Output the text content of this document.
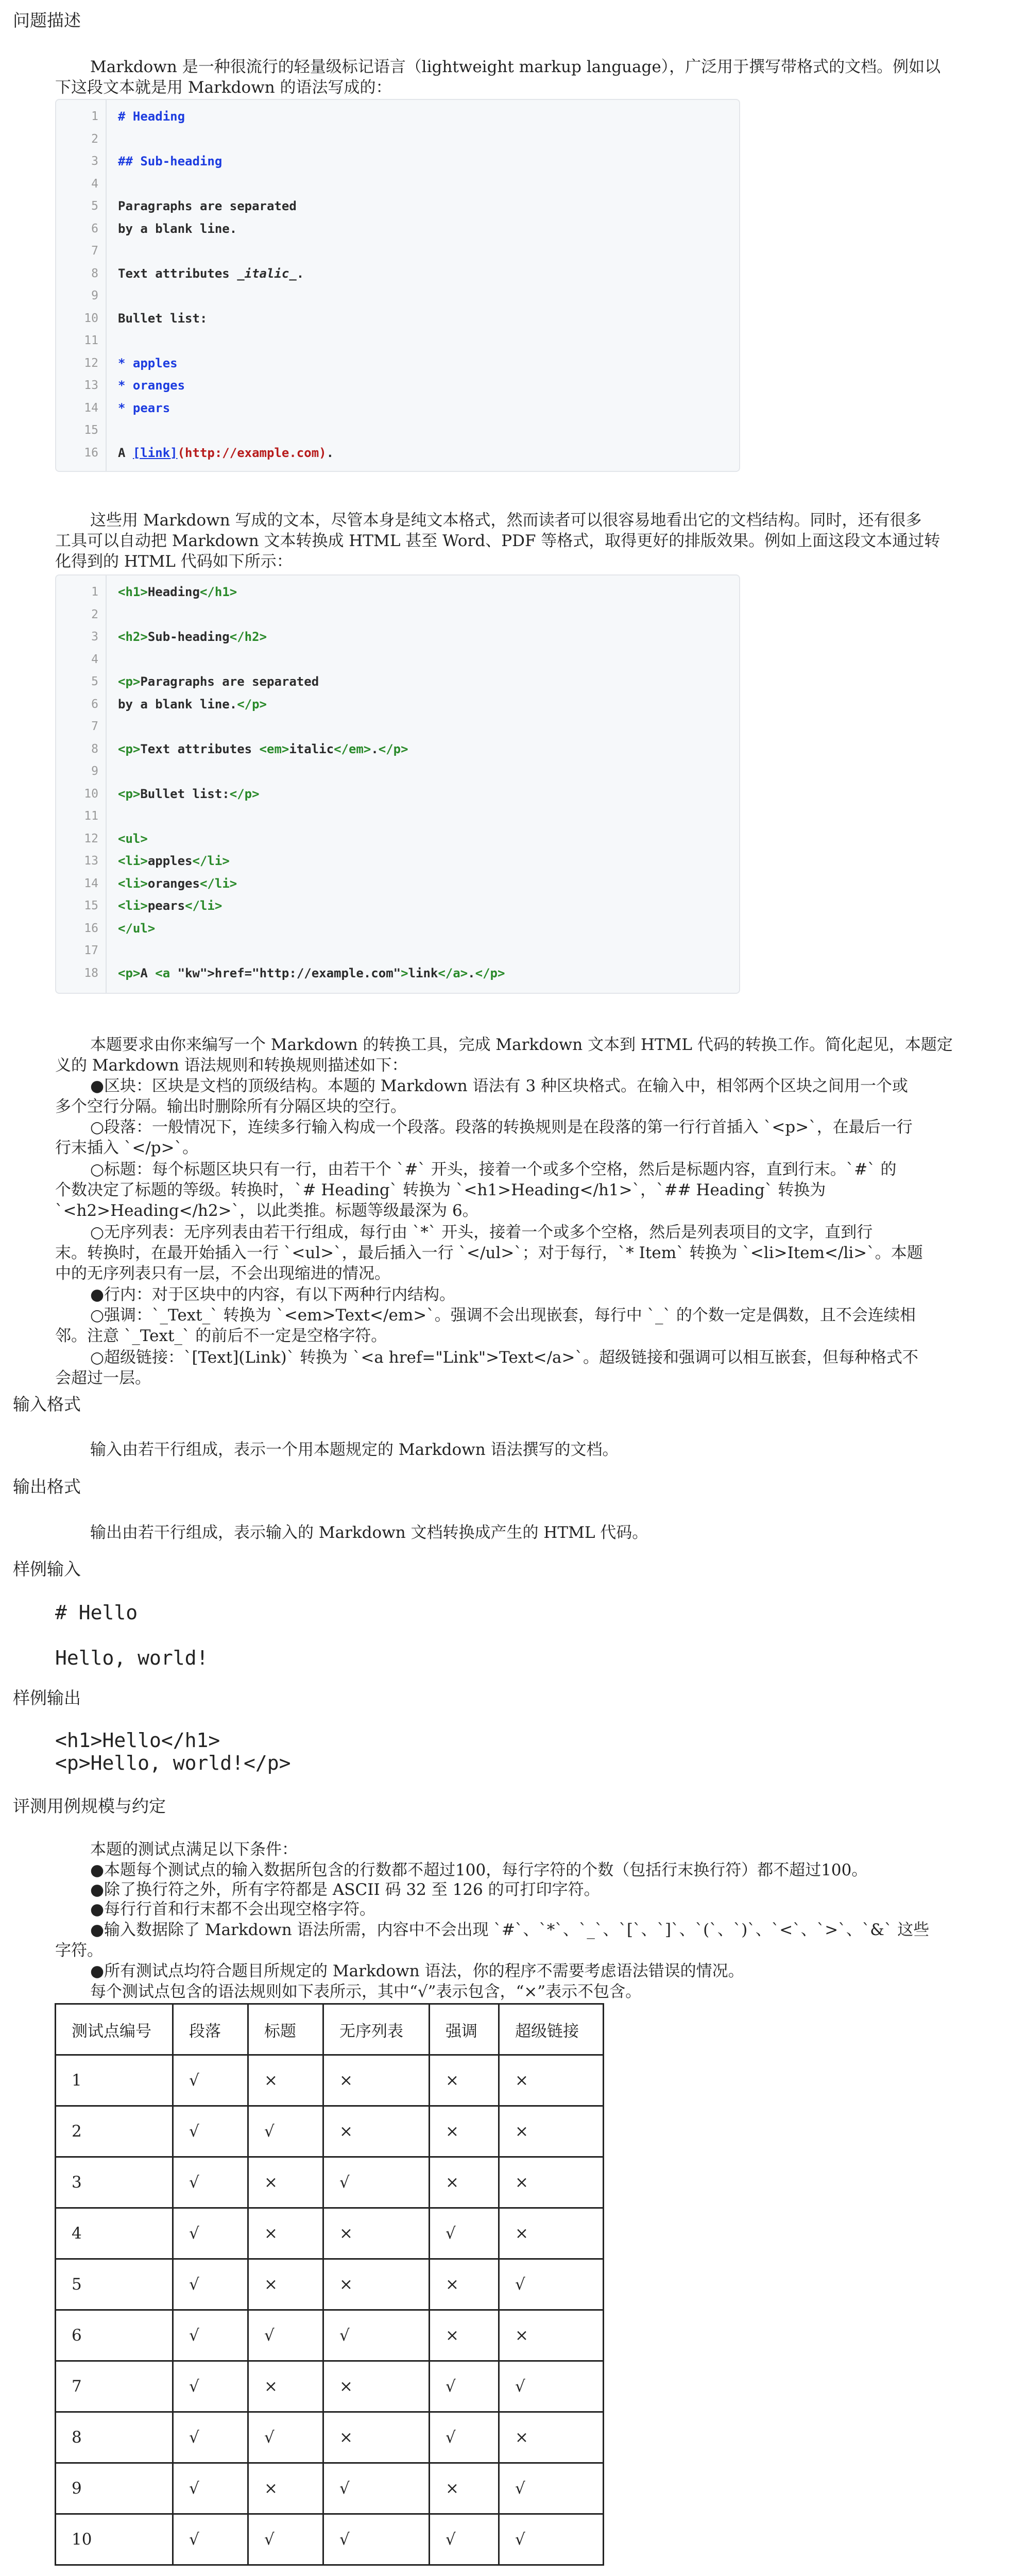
问题描述
Markdown 是一种很流行的轻量级标记语言（lightweight markup language），广泛用于撰写带格式的文档。例如以
下这段文本就是用 Markdown 的语法写成的：
1 # Heading
2
3 ## Sub-heading
4
5 Paragraphs are separated
6 by a blank line.
7
8 Text attributes _italic_.
9
10 Bullet list:
11
12 * apples
13 * oranges
14 * pears
15
16 A [link](http://example.com).
这些用 Markdown 写成的文本，尽管本身是纯文本格式，然而读者可以很容易地看出它的文档结构。同时，还有很多
工具可以自动把 Markdown 文本转换成 HTML 甚至 Word、PDF 等格式，取得更好的排版效果。例如上面这段文本通过转
化得到的 HTML 代码如下所示：
1 <h1>Heading</h1>
2
3 <h2>Sub-heading</h2>
4
5 <p>Paragraphs are separated
6 by a blank line.</p>
7
8 <p>Text attributes <em>italic</em>.</p>
9
10 <p>Bullet list:</p>
11
12 <ul>
13 <li>apples</li>
14 <li>oranges</li>
15 <li>pears</li>
16 </ul>
17
18 <p>A <a "kw">href="http://example.com">link</a>.</p>
本题要求由你来编写一个 Markdown 的转换工具，完成 Markdown 文本到 HTML 代码的转换工作。简化起见，本题定
义的 Markdown 语法规则和转换规则描述如下：
●区块：区块是文档的顶级结构。本题的 Markdown 语法有 3 种区块格式。在输入中，相邻两个区块之间用一个或
多个空行分隔。输出时删除所有分隔区块的空行。
○段落：一般情况下，连续多行输入构成一个段落。段落的转换规则是在段落的第一行行首插入 `<p>`，在最后一行
行末插入 `</p>`。
○标题：每个标题区块只有一行，由若干个 `#` 开头，接着一个或多个空格，然后是标题内容，直到行末。`#` 的
个数决定了标题的等级。转换时，`# Heading` 转换为 `<h1>Heading</h1>`，`## Heading` 转换为
`<h2>Heading</h2>`，以此类推。标题等级最深为 6。
○无序列表：无序列表由若干行组成，每行由 `*` 开头，接着一个或多个空格，然后是列表项目的文字，直到行
末。转换时，在最开始插入一行 `<ul>`，最后插入一行 `</ul>`；对于每行，`* Item` 转换为 `<li>Item</li>`。本题
中的无序列表只有一层，不会出现缩进的情况。
●行内：对于区块中的内容，有以下两种行内结构。
○强调：`_Text_` 转换为 `<em>Text</em>`。强调不会出现嵌套，每行中 `_` 的个数一定是偶数，且不会连续相
邻。注意 `_Text_` 的前后不一定是空格字符。
○超级链接：`[Text](Link)` 转换为 `<a href="Link">Text</a>`。超级链接和强调可以相互嵌套，但每种格式不
会超过一层。
输入格式
输入由若干行组成，表示一个用本题规定的 Markdown 语法撰写的文档。
输出格式
输出由若干行组成，表示输入的 Markdown 文档转换成产生的 HTML 代码。
样例输入
# Hello
Hello, world!
样例输出
<h1>Hello</h1>
<p>Hello, world!</p>
评测用例规模与约定
本题的测试点满足以下条件：
●本题每个测试点的输入数据所包含的行数都不超过100，每行字符的个数（包括行末换行符）都不超过100。
●除了换行符之外，所有字符都是 ASCII 码 32 至 126 的可打印字符。
●每行行首和行末都不会出现空格字符。
●输入数据除了 Markdown 语法所需，内容中不会出现 `#`、`*`、`_`、`[`、`]`、`(`、`)`、`<`、`>`、`&` 这些
字符。
●所有测试点均符合题目所规定的 Markdown 语法，你的程序不需要考虑语法错误的情况。
每个测试点包含的语法规则如下表所示，其中“√”表示包含，“×”表示不包含。
测试点编号	段落	标题	无序列表	强调	超级链接
1	√	×	×	×	×
2	√	√	×	×	×
3	√	×	√	×	×
4	√	×	×	√	×
5	√	×	×	×	√
6	√	√	√	×	×
7	√	×	×	√	√
8	√	√	×	√	×
9	√	×	√	×	√
10	√	√	√	√	√
